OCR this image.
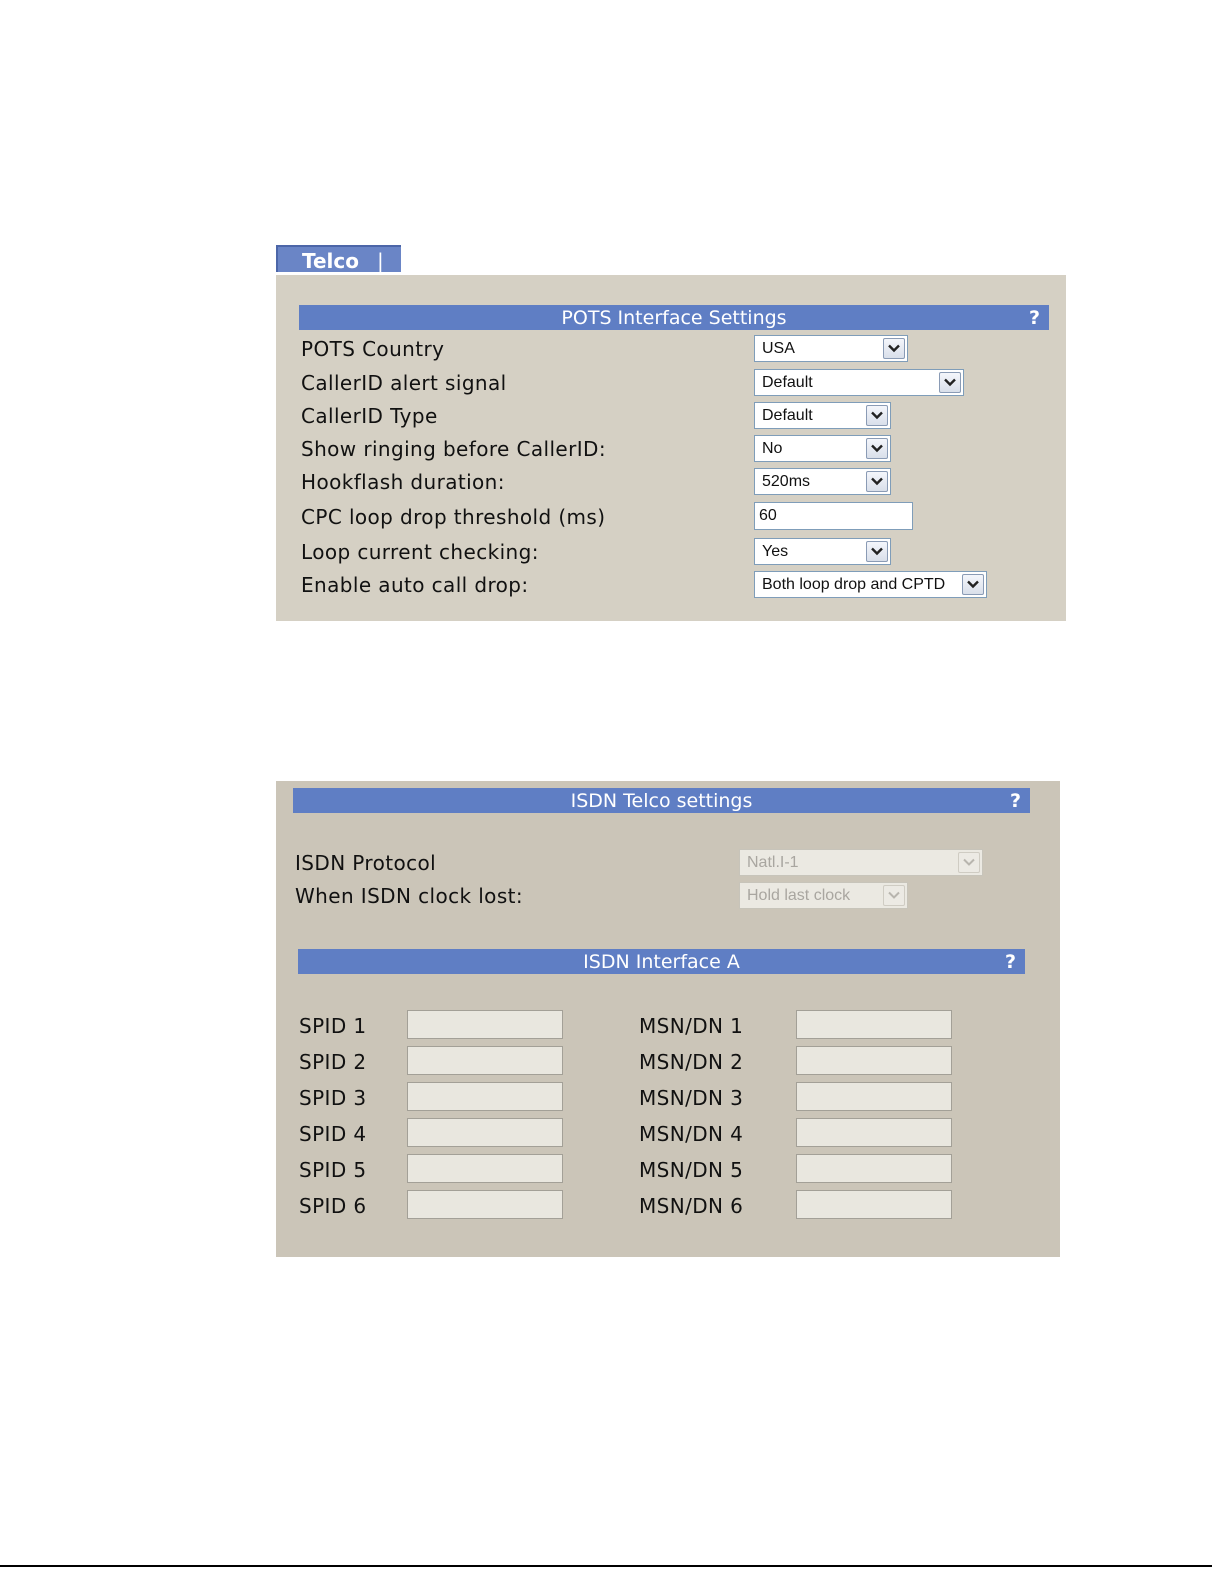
Telco |
POTS Interface Settings	?
POTS Country	USA
CallerID alert signal	Default
CallerID Type	Default
Show ringing before CallerID:	No
Hookflash duration:	520ms
CPC loop drop threshold (ms)	60
Loop current checking:	Yes
Enable auto call drop:	Both loop drop and CPTD
ISDN Telco settings	?
ISDN Protocol	Natl.I-1
When ISDN clock lost:	Hold last clock
ISDN Interface A	?
SPID 1	MSN/DN 1
SPID 2	MSN/DN 2
SPID 3	MSN/DN 3
SPID 4	MSN/DN 4
SPID 5	MSN/DN 5
SPID 6	MSN/DN 6
